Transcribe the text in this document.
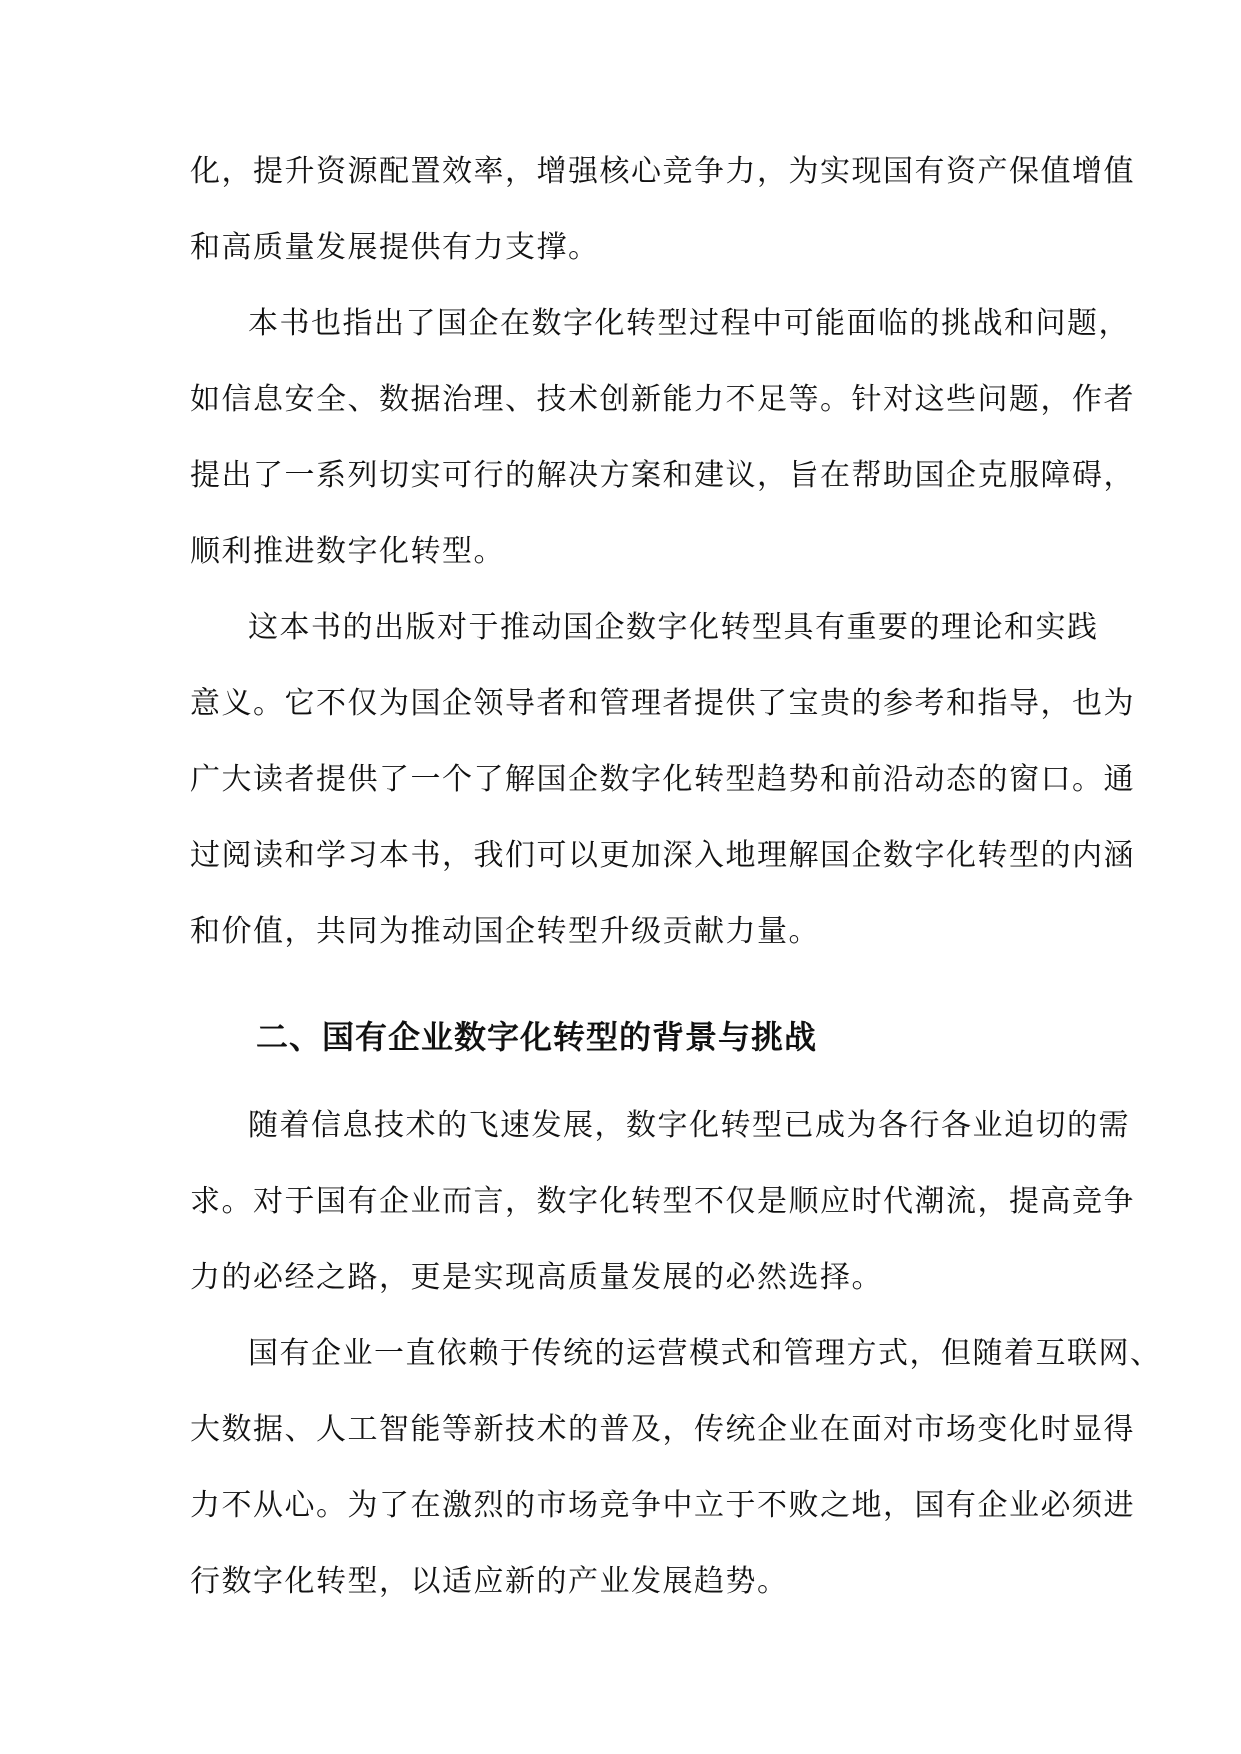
化，提升资源配置效率，增强核心竞争力，为实现国有资产保值增值
和高质量发展提供有力支撑。
本书也指出了国企在数字化转型过程中可能面临的挑战和问题，
如信息安全、数据治理、技术创新能力不足等。针对这些问题，作者
提出了一系列切实可行的解决方案和建议，旨在帮助国企克服障碍，
顺利推进数字化转型。
这本书的出版对于推动国企数字化转型具有重要的理论和实践
意义。它不仅为国企领导者和管理者提供了宝贵的参考和指导，也为
广大读者提供了一个了解国企数字化转型趋势和前沿动态的窗口。通
过阅读和学习本书，我们可以更加深入地理解国企数字化转型的内涵
和价值，共同为推动国企转型升级贡献力量。
二、国有企业数字化转型的背景与挑战
随着信息技术的飞速发展，数字化转型已成为各行各业迫切的需
求。对于国有企业而言，数字化转型不仅是顺应时代潮流，提高竞争
力的必经之路，更是实现高质量发展的必然选择。
国有企业一直依赖于传统的运营模式和管理方式，但随着互联网、
大数据、人工智能等新技术的普及，传统企业在面对市场变化时显得
力不从心。为了在激烈的市场竞争中立于不败之地，国有企业必须进
行数字化转型，以适应新的产业发展趋势。
